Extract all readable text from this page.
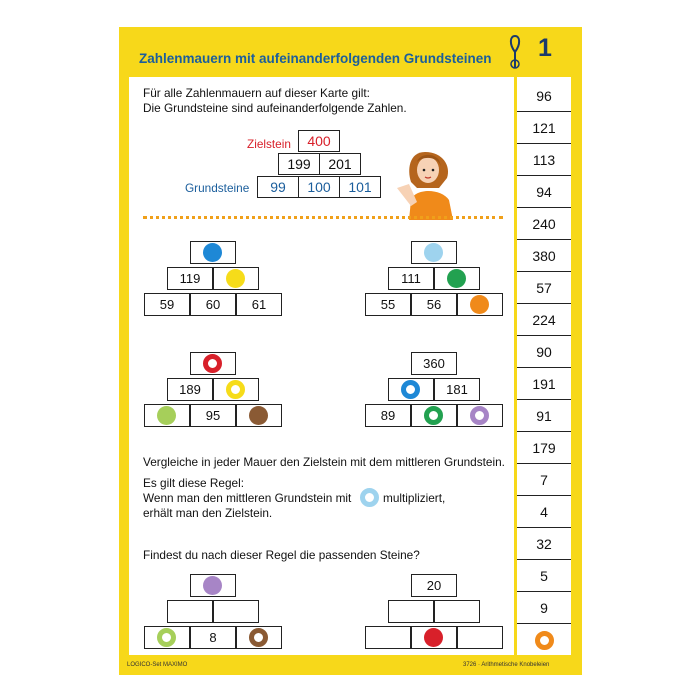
Zahlenmauern mit aufeinanderfolgenden Grundsteinen 1
Für alle Zahlenmauern auf dieser Karte gilt:
Die Grundsteine sind aufeinanderfolgende Zahlen.
Zielstein
Grundsteine
400
199	201
99	100	101
119
59	60	61
111
55	56
189
95
360
181
89
Vergleiche in jeder Mauer den Zielstein mit dem mittleren Grundstein.
Es gilt diese Regel:
Wenn man den mittleren Grundstein mit	multipliziert,
erhält man den Zielstein.
Findest du nach dieser Regel die passenden Steine?
8
20
96
121
113
94
240
380
57
224
90
191
91
179
7
4
32
5
9
LOGICO-Set MAXIMO	3726 · Arithmetische Knobeleien
